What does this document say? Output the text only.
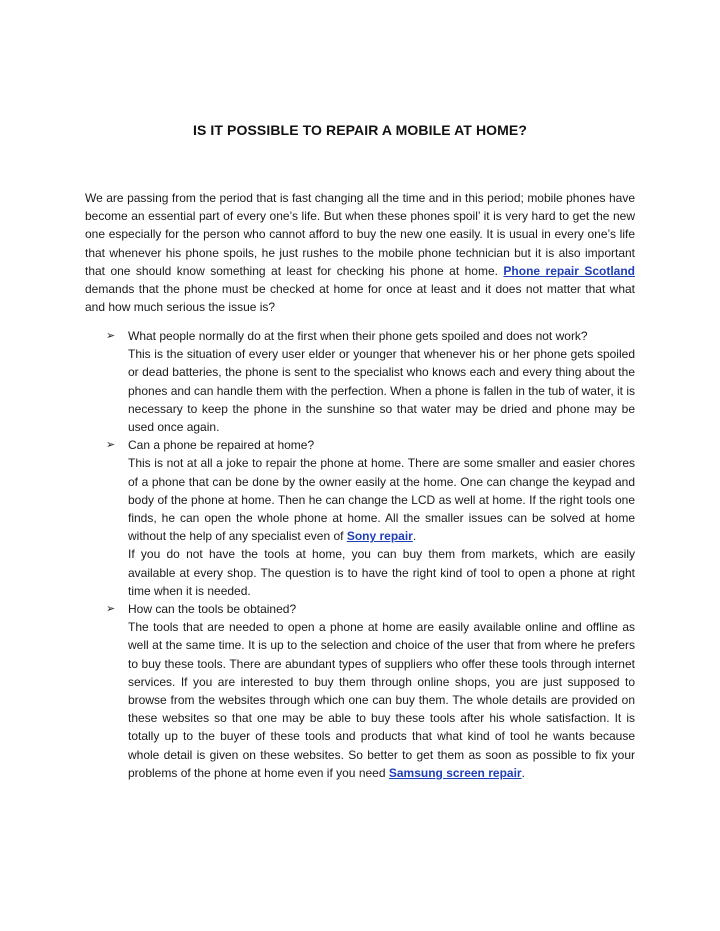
IS IT POSSIBLE TO REPAIR A MOBILE AT HOME?

We are passing from the period that is fast changing all the time and in this period; mobile phones have become an essential part of every one’s life. But when these phones spoil’ it is very hard to get the new one especially for the person who cannot afford to buy the new one easily. It is usual in every one’s life that whenever his phone spoils, he just rushes to the mobile phone technician but it is also important that one should know something at least for checking his phone at home. Phone repair Scotland demands that the phone must be checked at home for once at least and it does not matter that what and how much serious the issue is?

➢	What people normally do at the first when their phone gets spoiled and does not work?
This is the situation of every user elder or younger that whenever his or her phone gets spoiled or dead batteries, the phone is sent to the specialist who knows each and every thing about the phones and can handle them with the perfection. When a phone is fallen in the tub of water, it is necessary to keep the phone in the sunshine so that water may be dried and phone may be used once again.
➢	Can a phone be repaired at home?
This is not at all a joke to repair the phone at home. There are some smaller and easier chores of a phone that can be done by the owner easily at the home. One can change the keypad and body of the phone at home. Then he can change the LCD as well at home. If the right tools one finds, he can open the whole phone at home. All the smaller issues can be solved at home without the help of any specialist even of Sony repair.
If you do not have the tools at home, you can buy them from markets, which are easily available at every shop. The question is to have the right kind of tool to open a phone at right time when it is needed.
➢	How can the tools be obtained?
The tools that are needed to open a phone at home are easily available online and offline as well at the same time. It is up to the selection and choice of the user that from where he prefers to buy these tools. There are abundant types of suppliers who offer these tools through internet services. If you are interested to buy them through online shops, you are just supposed to browse from the websites through which one can buy them. The whole details are provided on these websites so that one may be able to buy these tools after his whole satisfaction. It is totally up to the buyer of these tools and products that what kind of tool he wants because whole detail is given on these websites. So better to get them as soon as possible to fix your problems of the phone at home even if you need Samsung screen repair.
